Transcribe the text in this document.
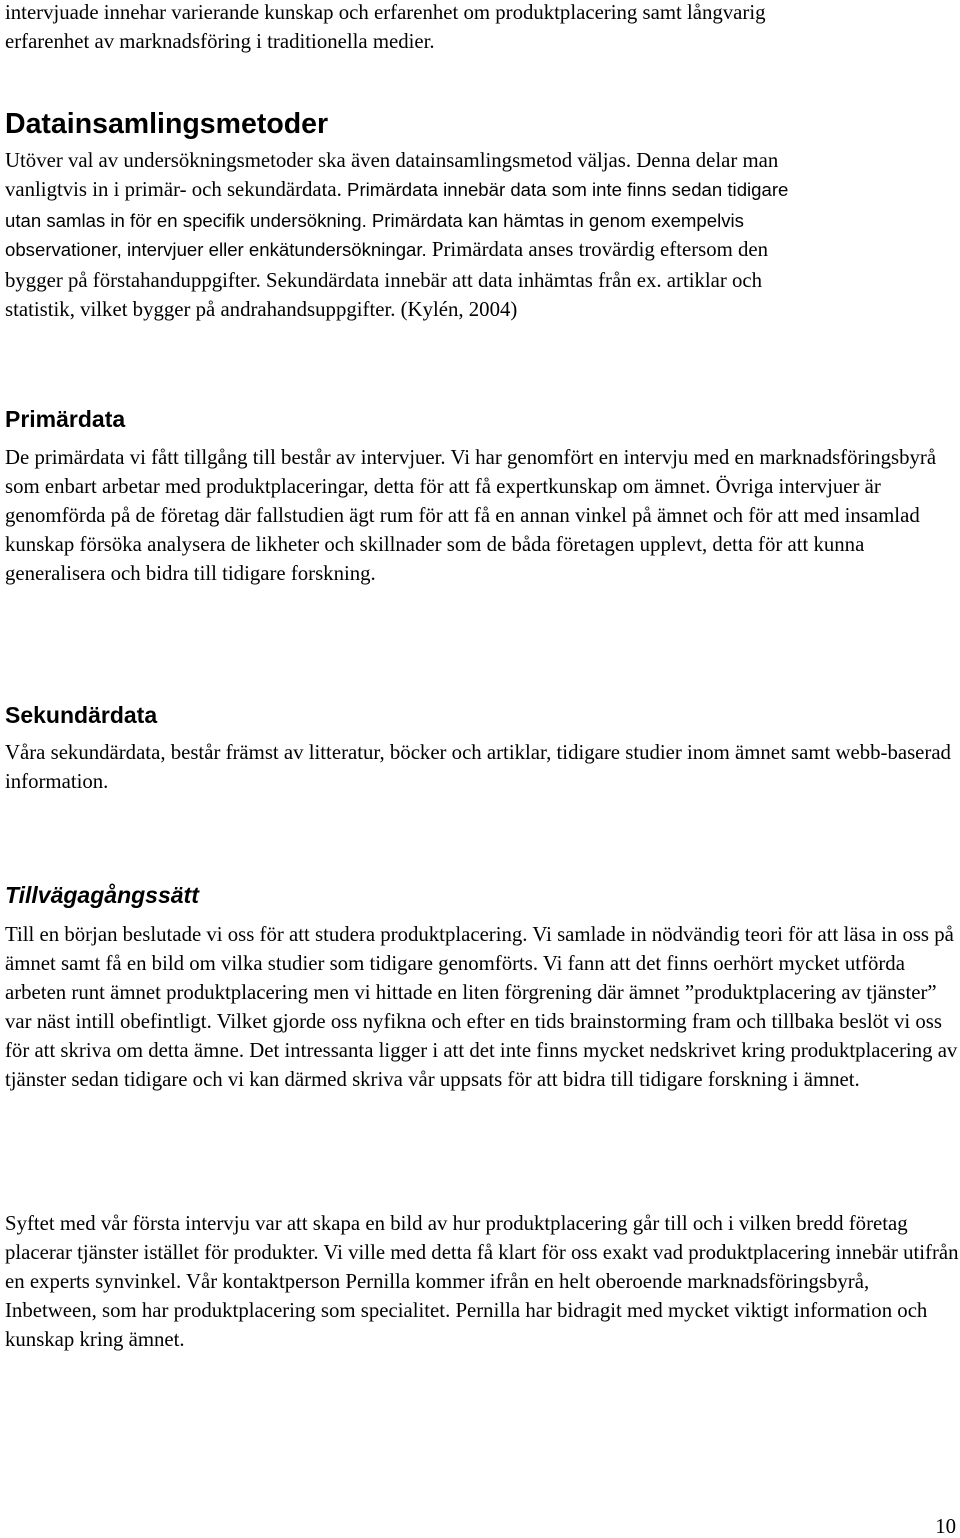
intervjuade innehar varierande kunskap och erfarenhet om produktplacering samt långvarig

erfarenhet av marknadsföring i traditionella medier.

Datainsamlingsmetoder

Utöver val av undersökningsmetoder ska även datainsamlingsmetod väljas. Denna delar man

vanligtvis in i primär- och sekundärdata. Primärdata innebär data som inte finns sedan tidigare

utan samlas in för en specifik undersökning. Primärdata kan hämtas in genom exempelvis

observationer, intervjuer eller enkätundersökningar. Primärdata anses trovärdig eftersom den

bygger på förstahanduppgifter. Sekundärdata innebär att data inhämtas från ex. artiklar och

statistik, vilket bygger på andrahandsuppgifter. (Kylén, 2004)

Primärdata

De primärdata vi fått tillgång till består av intervjuer. Vi har genomfört en intervju med en marknadsföringsbyrå som enbart arbetar med produktplaceringar, detta för att få expertkunskap om ämnet. Övriga intervjuer är genomförda på de företag där fallstudien ägt rum för att få en annan vinkel på ämnet och för att med insamlad kunskap försöka analysera de likheter och skillnader som de båda företagen upplevt, detta för att kunna generalisera och bidra till tidigare forskning.

Sekundärdata

Våra sekundärdata, består främst av litteratur, böcker och artiklar, tidigare studier inom ämnet samt webb-baserad information.

Tillvägagångssätt

Till en början beslutade vi oss för att studera produktplacering. Vi samlade in nödvändig teori för att läsa in oss på ämnet samt få en bild om vilka studier som tidigare genomförts. Vi fann att det finns oerhört mycket utförda arbeten runt ämnet produktplacering men vi hittade en liten förgrening där ämnet ”produktplacering av tjänster” var näst intill obefintligt. Vilket gjorde oss nyfikna och efter en tids brainstorming fram och tillbaka beslöt vi oss för att skriva om detta ämne. Det intressanta ligger i att det inte finns mycket nedskrivet kring produktplacering av tjänster sedan tidigare och vi kan därmed skriva vår uppsats för att bidra till tidigare forskning i ämnet.

Syftet med vår första intervju var att skapa en bild av hur produktplacering går till och i vilken bredd företag placerar tjänster istället för produkter. Vi ville med detta få klart för oss exakt vad produktplacering innebär utifrån en experts synvinkel. Vår kontaktperson Pernilla kommer ifrån en helt oberoende marknadsföringsbyrå, Inbetween, som har produktplacering som specialitet. Pernilla har bidragit med mycket viktigt information och kunskap kring ämnet.

10
